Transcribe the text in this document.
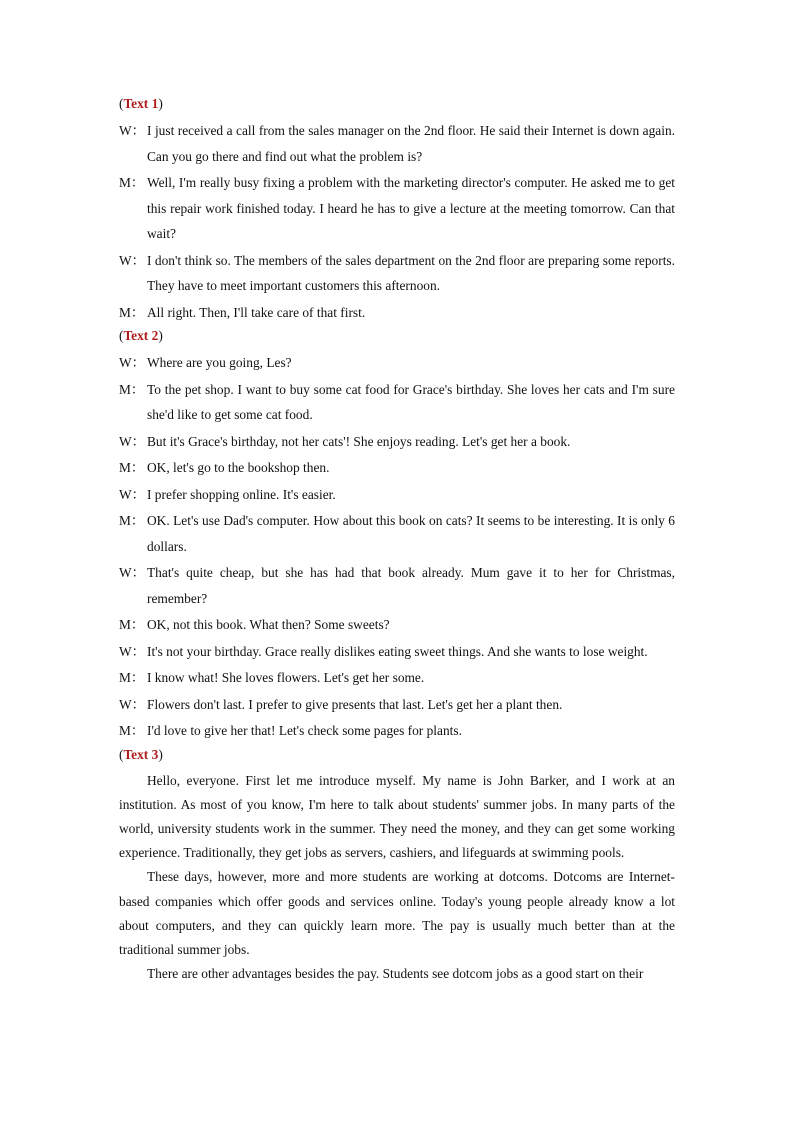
(Text 1)
W： I just received a call from the sales manager on the 2nd floor. He said their Internet is down again. Can you go there and find out what the problem is?
M： Well, I'm really busy fixing a problem with the marketing director's computer. He asked me to get this repair work finished today. I heard he has to give a lecture at the meeting tomorrow. Can that wait?
W： I don't think so. The members of the sales department on the 2nd floor are preparing some reports. They have to meet important customers this afternoon.
M： All right. Then, I'll take care of that first.
(Text 2)
W： Where are you going, Les?
M： To the pet shop. I want to buy some cat food for Grace's birthday. She loves her cats and I'm sure she'd like to get some cat food.
W： But it's Grace's birthday, not her cats'! She enjoys reading. Let's get her a book.
M： OK, let's go to the bookshop then.
W： I prefer shopping online. It's easier.
M： OK. Let's use Dad's computer. How about this book on cats? It seems to be interesting. It is only 6 dollars.
W： That's quite cheap, but she has had that book already. Mum gave it to her for Christmas, remember?
M： OK, not this book. What then? Some sweets?
W： It's not your birthday. Grace really dislikes eating sweet things. And she wants to lose weight.
M： I know what! She loves flowers. Let's get her some.
W： Flowers don't last. I prefer to give presents that last. Let's get her a plant then.
M： I'd love to give her that! Let's check some pages for plants.
(Text 3)
Hello, everyone. First let me introduce myself. My name is John Barker, and I work at an institution. As most of you know, I'm here to talk about students' summer jobs. In many parts of the world, university students work in the summer. They need the money, and they can get some working experience. Traditionally, they get jobs as servers, cashiers, and lifeguards at swimming pools.
These days, however, more and more students are working at dotcoms. Dotcoms are Internet-based companies which offer goods and services online. Today's young people already know a lot about computers, and they can quickly learn more. The pay is usually much better than at the traditional summer jobs.
There are other advantages besides the pay. Students see dotcom jobs as a good start on their
